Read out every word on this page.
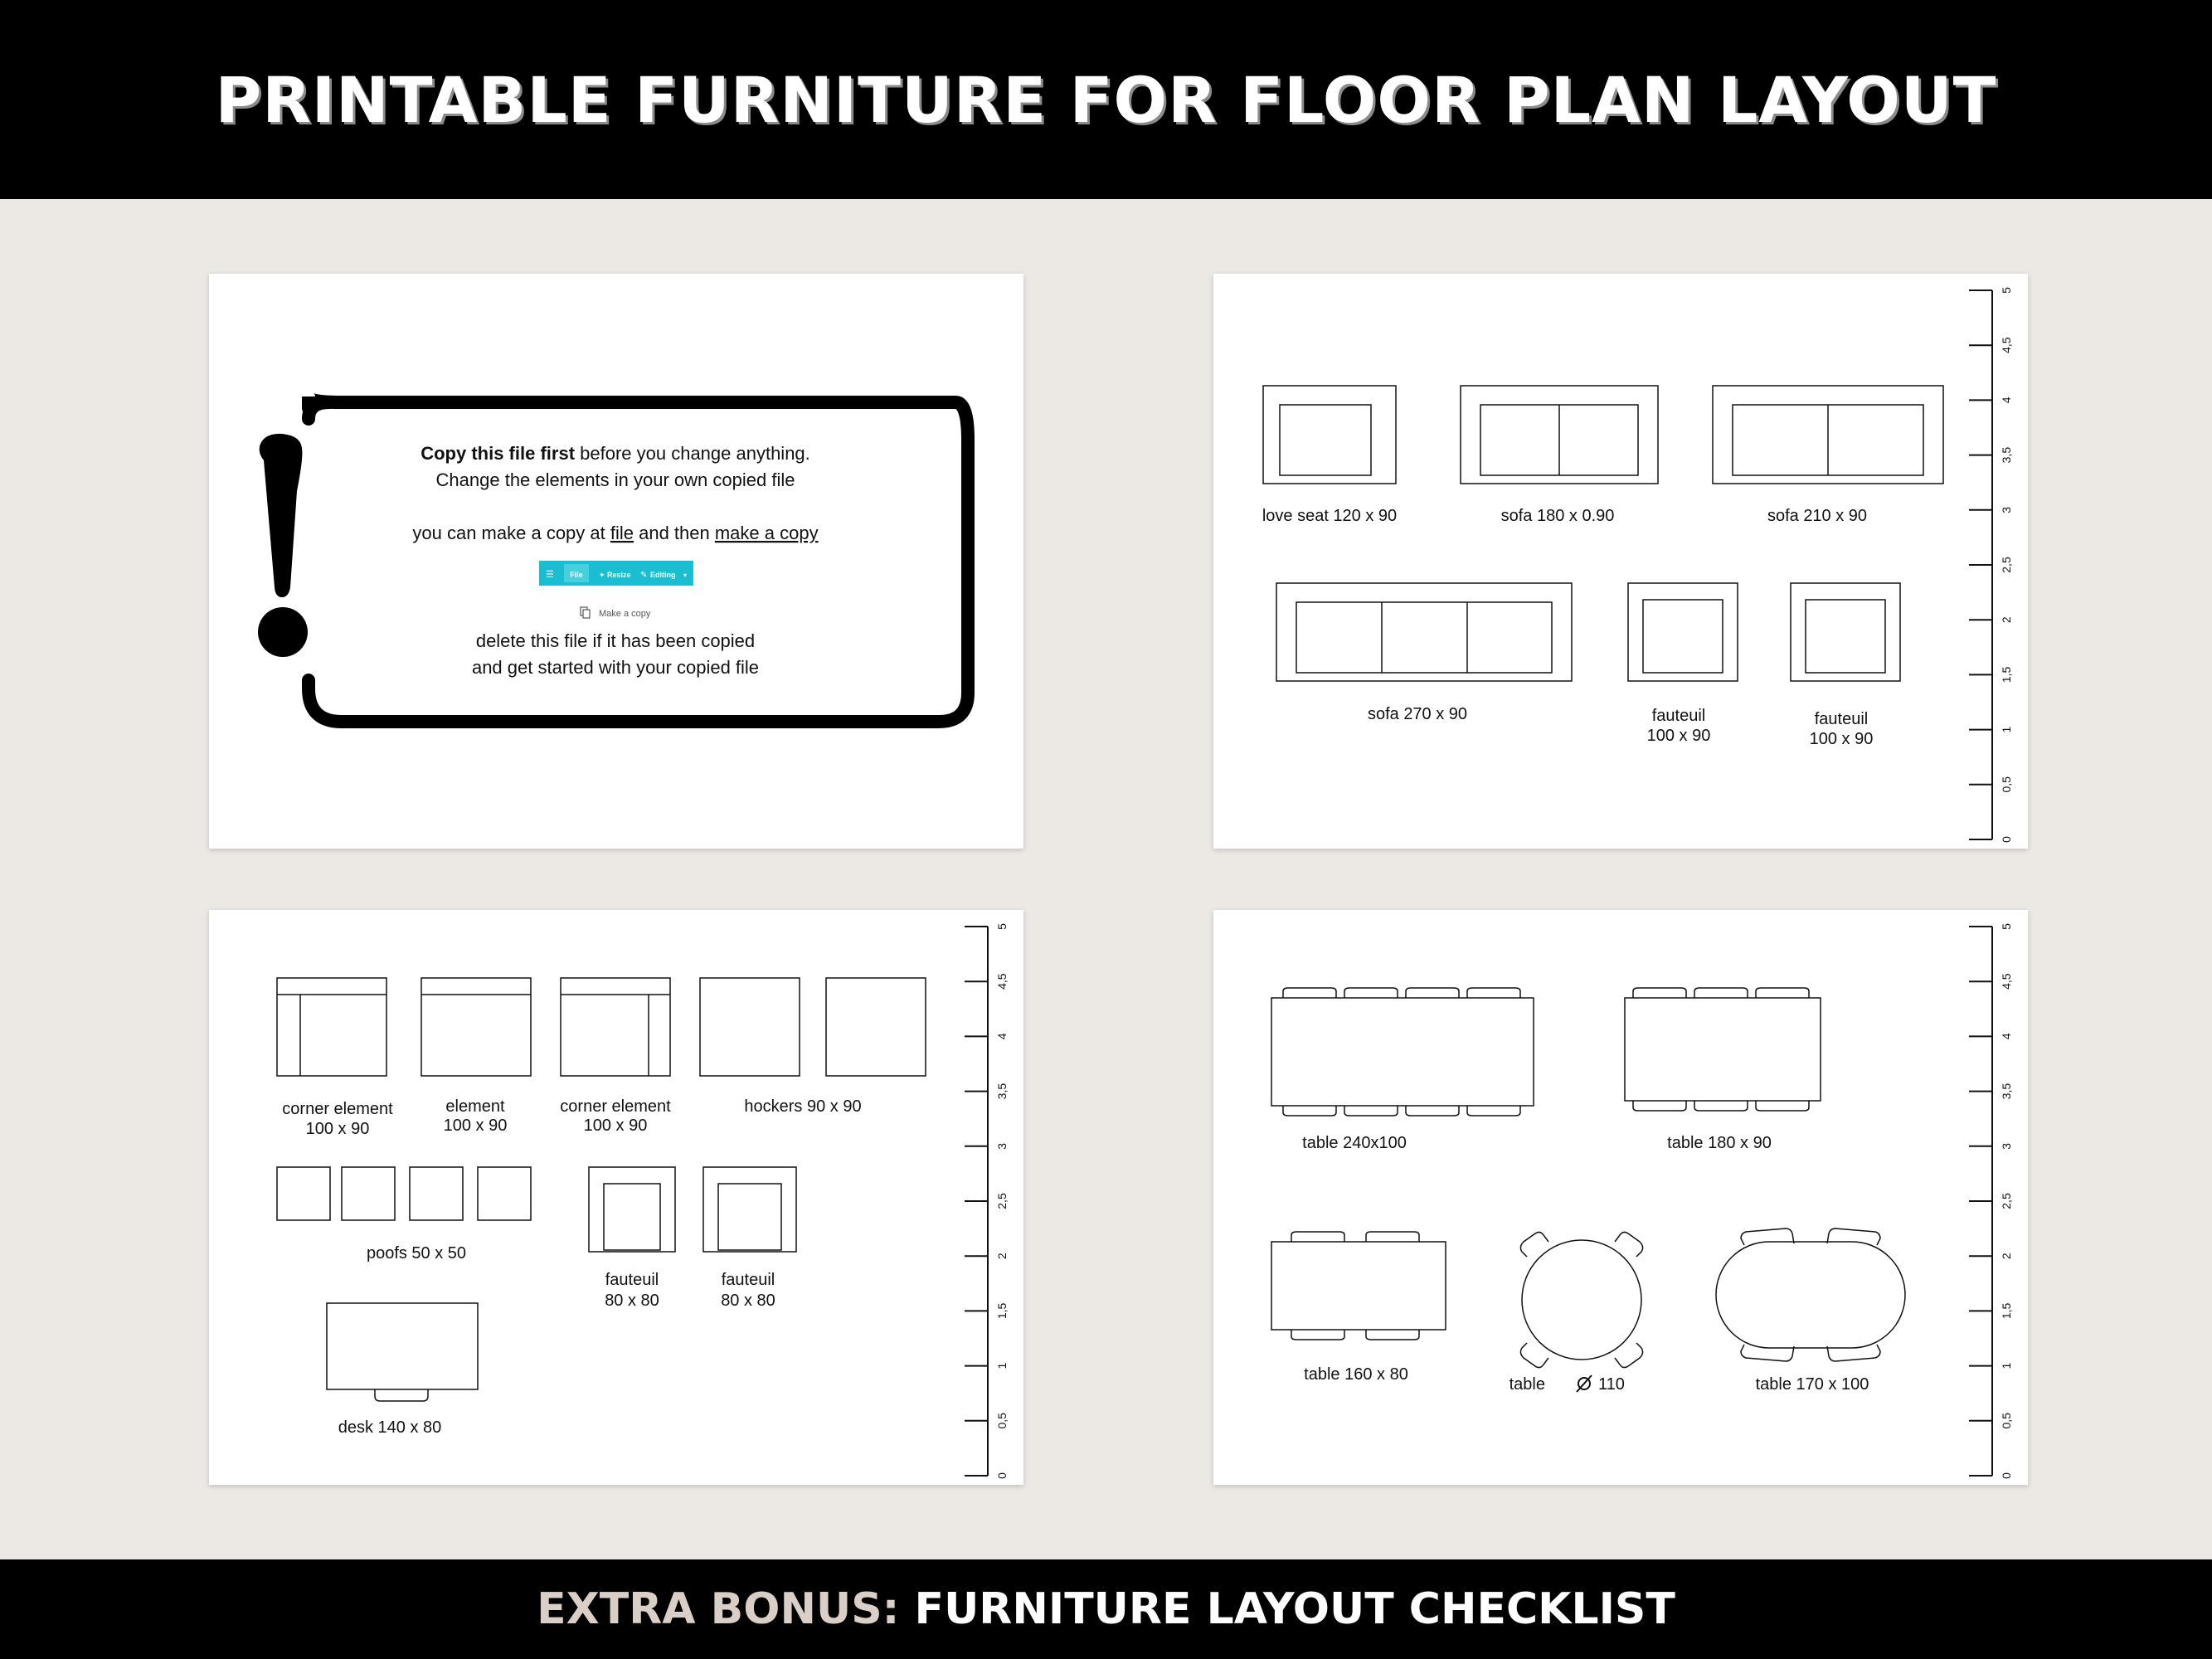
PRINTABLE FURNITURE FOR FLOOR PLAN LAYOUT
Copy this file first before you change anything.
Change the elements in your own copied file
you can make a copy at file and then make a copy
☰ File ✦ Resize ✎ Editing ▾
Make a copy
delete this file if it has been copied
and get started with your copied file
5
4,5
4
3,5
3
2,5
2
1,5
1
0,5
0
love seat 120 x 90	sofa 180 x 0.90	sofa 210 x 90
sofa 270 x 90	fauteuil
100 x 90
fauteuil
100 x 90
5
4,5
4
3,5
3
2,5
2
1,5
1
0,5
0
corner element
100 x 90
element
100 x 90
corner element
100 x 90
hockers 90 x 90
poofs 50 x 50
fauteuil
80 x 80
fauteuil
80 x 80
desk 140 x 80
5
4,5
4
3,5
3
2,5
2
1,5
1
0,5
0
table 240x100	table 180 x 90
table 160 x 80
table	110	table 170 x 100
EXTRA BONUS: FURNITURE LAYOUT CHECKLIST
